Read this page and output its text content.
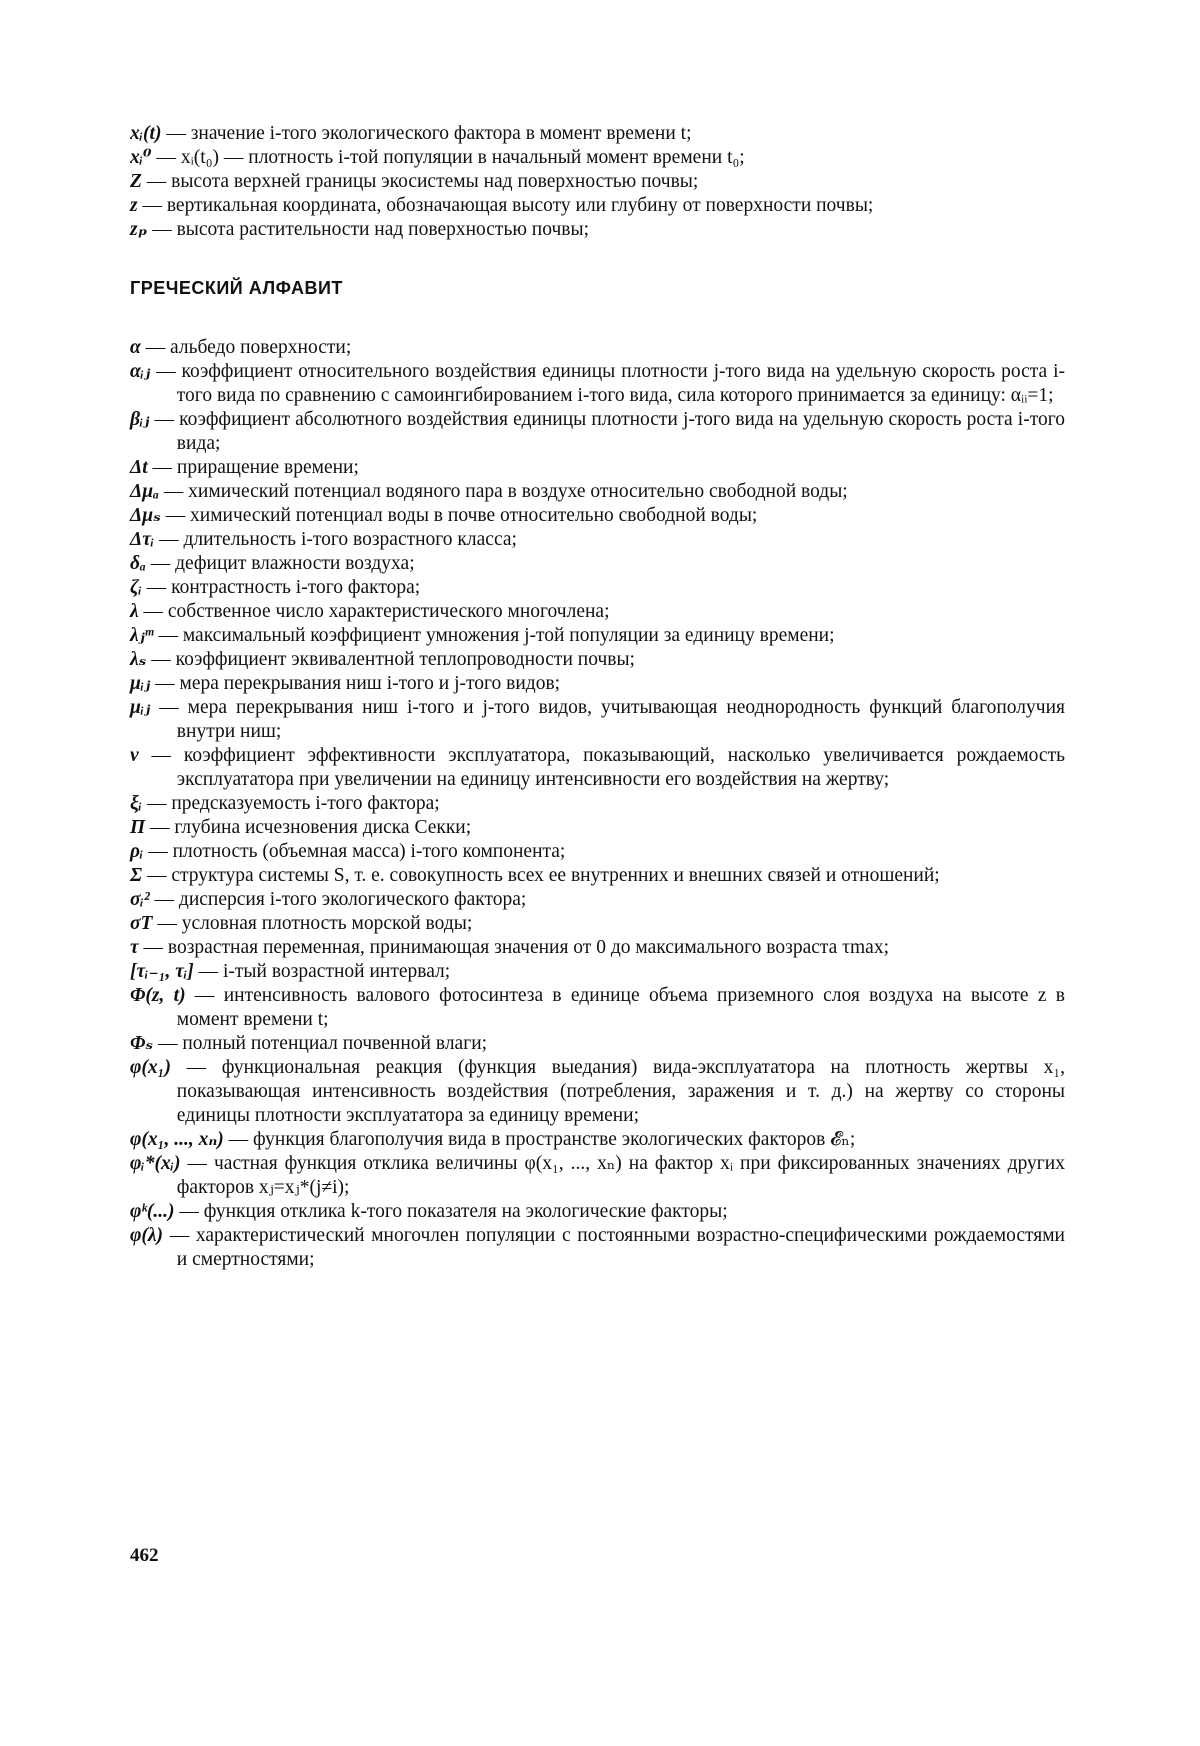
xᵢ(t) — значение i-того экологического фактора в момент времени t;
xᵢ⁰ — xᵢ(t₀) — плотность i-той популяции в начальный момент времени t₀;
Z — высота верхней границы экосистемы над поверхностью почвы;
z — вертикальная координата, обозначающая высоту или глубину от поверхности почвы;
zₚ — высота растительности над поверхностью почвы;
ГРЕЧЕСКИЙ АЛФАВИТ
α — альбедо поверхности;
αᵢⱼ — коэффициент относительного воздействия единицы плотности j-того вида на удельную скорость роста i-того вида по сравнению с самоингибированием i-того вида, сила которого принимается за единицу: αᵢᵢ=1;
βᵢⱼ — коэффициент абсолютного воздействия единицы плотности j-того вида на удельную скорость роста i-того вида;
Δt — приращение времени;
Δμₐ — химический потенциал водяного пара в воздухе относительно свободной воды;
Δμₛ — химический потенциал воды в почве относительно свободной воды;
Δτᵢ — длительность i-того возрастного класса;
δₐ — дефицит влажности воздуха;
ζᵢ — контрастность i-того фактора;
λ — собственное число характеристического многочлена;
λⱼᵐ — максимальный коэффициент умножения j-той популяции за единицу времени;
λₛ — коэффициент эквивалентной теплопроводности почвы;
μᵢⱼ — мера перекрывания ниш i-того и j-того видов;
μᵢⱼ — мера перекрывания ниш i-того и j-того видов, учитывающая неоднородность функций благополучия внутри ниш;
ν — коэффициент эффективности эксплуататора, показывающий, насколько увеличивается рождаемость эксплуататора при увеличении на единицу интенсивности его воздействия на жертву;
ξᵢ — предсказуемость i-того фактора;
Π — глубина исчезновения диска Секки;
ρᵢ — плотность (объемная масса) i-того компонента;
Σ — структура системы S, т. е. совокупность всех ее внутренних и внешних связей и отношений;
σᵢ² — дисперсия i-того экологического фактора;
σT — условная плотность морской воды;
τ — возрастная переменная, принимающая значения от 0 до максимального возраста τmax;
[τᵢ₋₁, τᵢ] — i-тый возрастной интервал;
Φ(z, t) — интенсивность валового фотосинтеза в единице объема приземного слоя воздуха на высоте z в момент времени t;
Φₛ — полный потенциал почвенной влаги;
φ(x₁) — функциональная реакция (функция выедания) вида-эксплуататора на плотность жертвы x₁, показывающая интенсивность воздействия (потребления, заражения и т. д.) на жертву со стороны единицы плотности эксплуататора за единицу времени;
φ(x₁, ..., xₙ) — функция благополучия вида в пространстве экологических факторов 𝓔ₙ;
φᵢ*(xᵢ) — частная функция отклика величины φ(x₁, ..., xₙ) на фактор xᵢ при фиксированных значениях других факторов xⱼ=xⱼ*(j≠i);
φᵏ(...) — функция отклика k-того показателя на экологические факторы;
φ(λ) — характеристический многочлен популяции с постоянными возрастно-специфическими рождаемостями и смертностями;
462
